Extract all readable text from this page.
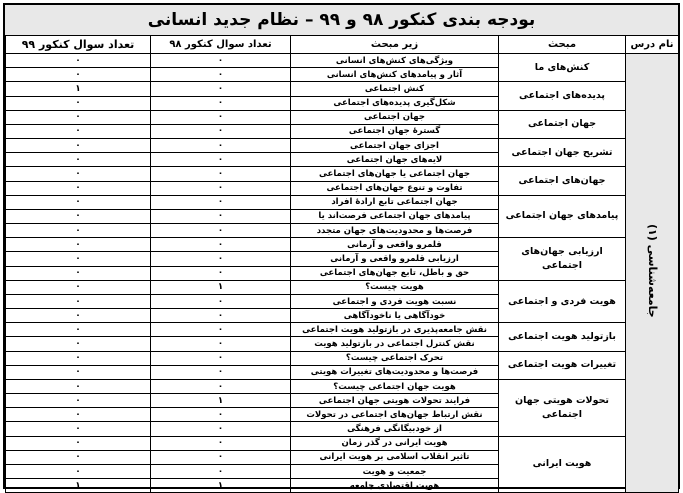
بودجه بندی کنکور ۹۸ و ۹۹ – نظام جدید انسانی
نام درس	مبحث	زیر مبحث	تعداد سوال کنکور ۹۸	تعداد سوال کنکور ۹۹
جامعه‌شناسی (۱)	کنش‌های ما	ویژگی‌های کنش‌های انسانی	۰	۰
		آثار و پیامدهای کنش‌های انسانی	۰	۰
	پدیده‌های اجتماعی	کنش اجتماعی	۰	۱
		شکل‌گیری پدیده‌های اجتماعی	۰	۰
	جهان اجتماعی	جهان اجتماعی	۰	۰
		گسترهٔ جهان اجتماعی	۰	۰
	تشریح جهان اجتماعی	اجزای جهان اجتماعی	۰	۰
		لایه‌های جهان اجتماعی	۰	۰
	جهان‌های اجتماعی	جهان اجتماعی یا جهان‌های اجتماعی	۰	۰
		تفاوت و تنوع جهان‌های اجتماعی	۰	۰
	پیامدهای جهان اجتماعی	جهان اجتماعی تابع ارادهٔ افراد	۰	۰
		پیامدهای جهان اجتماعی فرصت‌اند یا	۰	۰
		فرصت‌ها و محدودیت‌های جهان متجدد	۰	۰
	ارزیابی جهان‌های اجتماعی	قلمرو واقعی و آرمانی	۰	۰
		ارزیابی قلمرو واقعی و آرمانی	۰	۰
		حق و باطل، تابع جهان‌های اجتماعی	۰	۰
	هویت فردی و اجتماعی	هویت چیست؟	۱	۰
		نسبت هویت فردی و اجتماعی	۰	۰
		خودآگاهی یا ناخودآگاهی	۰	۰
	بازتولید هویت اجتماعی	نقش جامعه‌پذیری در بازتولید هویت اجتماعی	۰	۰
		نقش کنترل اجتماعی در بازتولید هویت	۰	۰
	تغییرات هویت اجتماعی	تحرک اجتماعی چیست؟	۰	۰
		فرصت‌ها و محدودیت‌های تغییرات هویتی	۰	۰
	تحولات هویتی جهان اجتماعی	هویت جهان اجتماعی چیست؟	۰	۰
		فرایند تحولات هویتی جهان اجتماعی	۱	۰
		نقش ارتباط جهان‌های اجتماعی در تحولات	۰	۰
		از خودبیگانگی فرهنگی	۰	۰
	هویت ایرانی	هویت ایرانی در گذر زمان	۰	۰
		تاثیر انقلاب اسلامی بر هویت ایرانی	۰	۰
		جمعیت و هویت	۰	۰
		هویت اقتصادی جامعه	۱	۱
